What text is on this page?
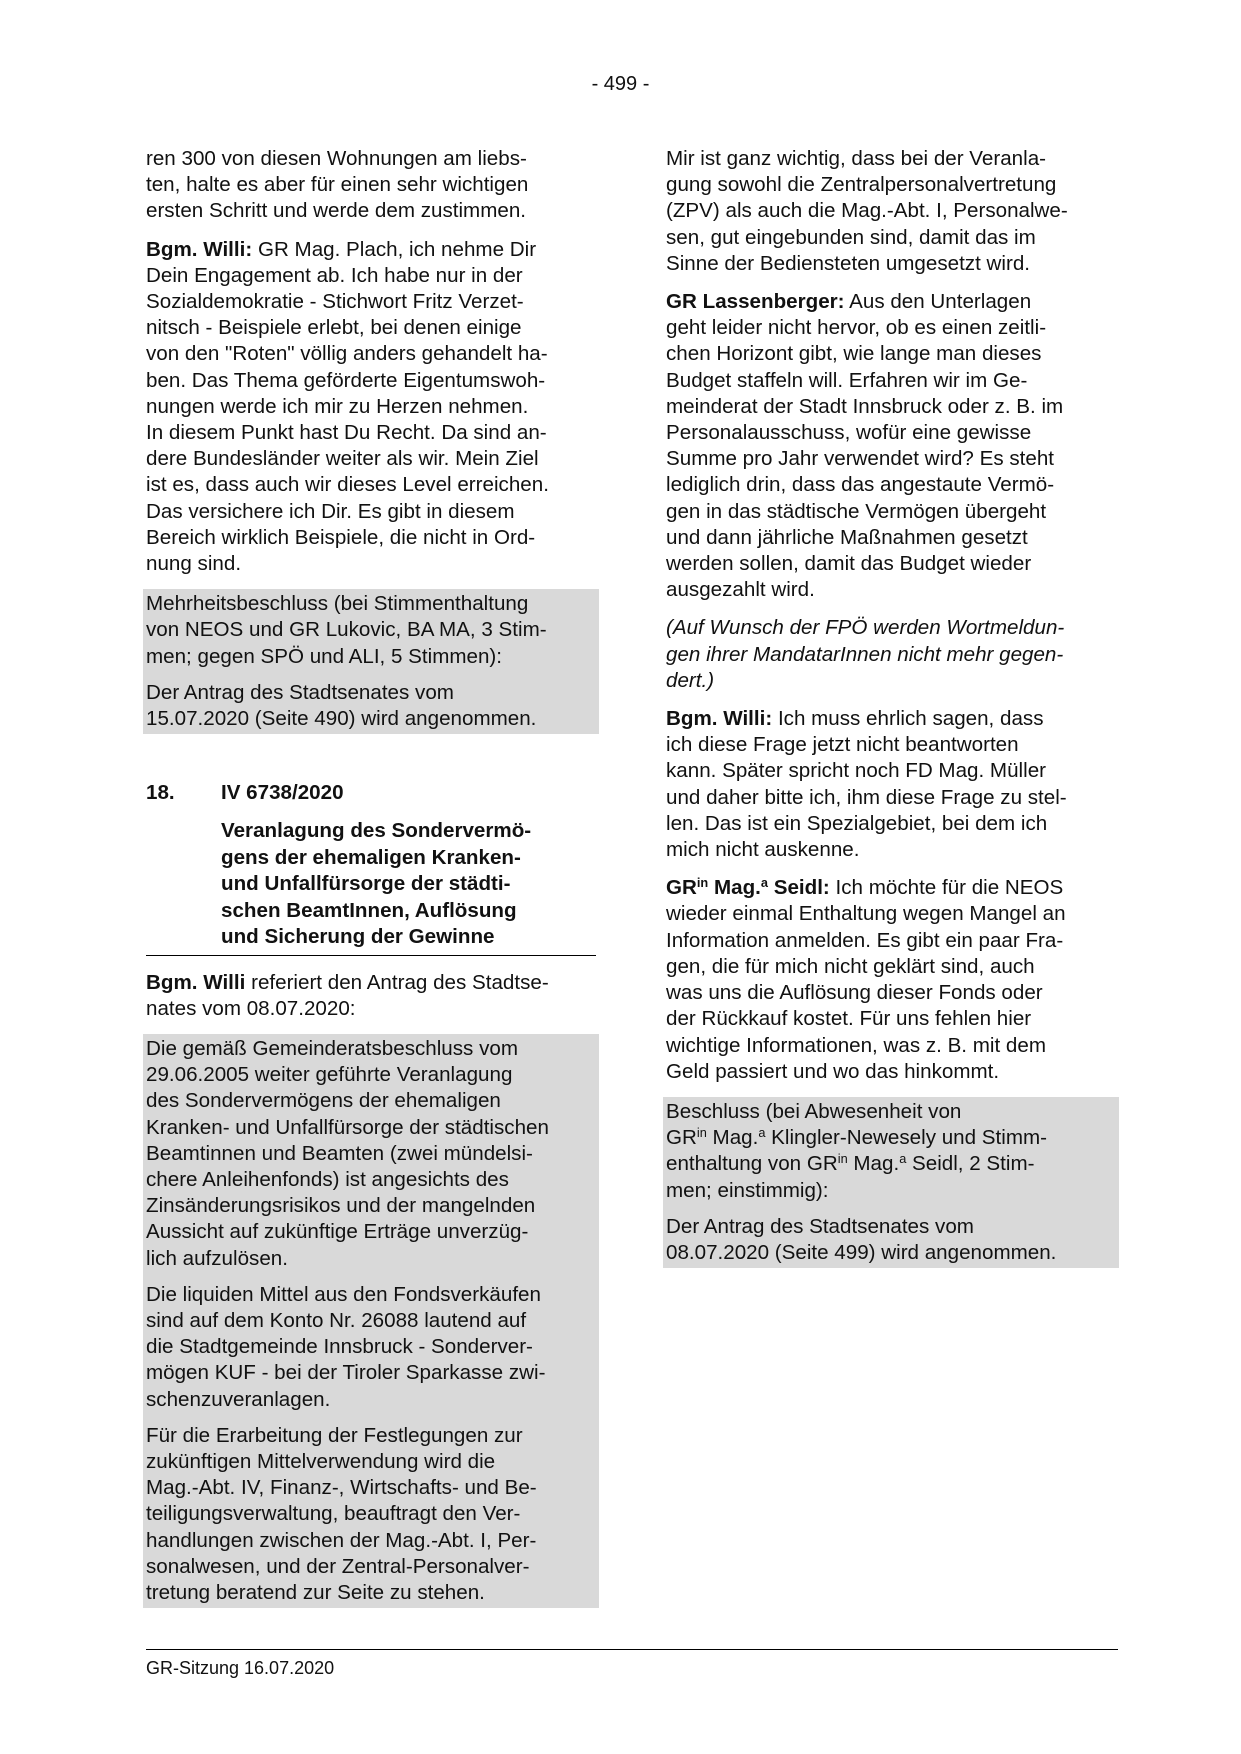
- 499 -

ren 300 von diesen Wohnungen am liebs-
ten, halte es aber für einen sehr wichtigen
ersten Schritt und werde dem zustimmen.

Bgm. Willi: GR Mag. Plach, ich nehme Dir
Dein Engagement ab. Ich habe nur in der
Sozialdemokratie - Stichwort Fritz Verzet-
nitsch - Beispiele erlebt, bei denen einige
von den "Roten" völlig anders gehandelt ha-
ben. Das Thema geförderte Eigentumswoh-
nungen werde ich mir zu Herzen nehmen.
In diesem Punkt hast Du Recht. Da sind an-
dere Bundesländer weiter als wir. Mein Ziel
ist es, dass auch wir dieses Level erreichen.
Das versichere ich Dir. Es gibt in diesem
Bereich wirklich Beispiele, die nicht in Ord-
nung sind.

Mehrheitsbeschluss (bei Stimmenthaltung
von NEOS und GR Lukovic, BA MA, 3 Stim-
men; gegen SPÖ und ALI, 5 Stimmen):

Der Antrag des Stadtsenates vom
15.07.2020 (Seite 490) wird angenommen.

18.	IV 6738/2020
Veranlagung des Sondervermö-
gens der ehemaligen Kranken-
und Unfallfürsorge der städti-
schen BeamtInnen, Auflösung
und Sicherung der Gewinne

Bgm. Willi referiert den Antrag des Stadtse-
nates vom 08.07.2020:

Die gemäß Gemeinderatsbeschluss vom
29.06.2005 weiter geführte Veranlagung
des Sondervermögens der ehemaligen
Kranken- und Unfallfürsorge der städtischen
Beamtinnen und Beamten (zwei mündelsi-
chere Anleihenfonds) ist angesichts des
Zinsänderungsrisikos und der mangelnden
Aussicht auf zukünftige Erträge unverzüg-
lich aufzulösen.

Die liquiden Mittel aus den Fondsverkäufen
sind auf dem Konto Nr. 26088 lautend auf
die Stadtgemeinde Innsbruck - Sonderver-
mögen KUF - bei der Tiroler Sparkasse zwi-
schenzuveranlagen.

Für die Erarbeitung der Festlegungen zur
zukünftigen Mittelverwendung wird die
Mag.-Abt. IV, Finanz-, Wirtschafts- und Be-
teiligungsverwaltung, beauftragt den Ver-
handlungen zwischen der Mag.-Abt. I, Per-
sonalwesen, und der Zentral-Personalver-
tretung beratend zur Seite zu stehen.

Mir ist ganz wichtig, dass bei der Veranla-
gung sowohl die Zentralpersonalvertretung
(ZPV) als auch die Mag.-Abt. I, Personalwe-
sen, gut eingebunden sind, damit das im
Sinne der Bediensteten umgesetzt wird.

GR Lassenberger: Aus den Unterlagen
geht leider nicht hervor, ob es einen zeitli-
chen Horizont gibt, wie lange man dieses
Budget staffeln will. Erfahren wir im Ge-
meinderat der Stadt Innsbruck oder z. B. im
Personalausschuss, wofür eine gewisse
Summe pro Jahr verwendet wird? Es steht
lediglich drin, dass das angestaute Vermö-
gen in das städtische Vermögen übergeht
und dann jährliche Maßnahmen gesetzt
werden sollen, damit das Budget wieder
ausgezahlt wird.

(Auf Wunsch der FPÖ werden Wortmeldun-
gen ihrer MandatarInnen nicht mehr gegen-
dert.)

Bgm. Willi: Ich muss ehrlich sagen, dass
ich diese Frage jetzt nicht beantworten
kann. Später spricht noch FD Mag. Müller
und daher bitte ich, ihm diese Frage zu stel-
len. Das ist ein Spezialgebiet, bei dem ich
mich nicht auskenne.

$GR^{in}$ Mag.$^a$ Seidl: Ich möchte für die NEOS
wieder einmal Enthaltung wegen Mangel an
Information anmelden. Es gibt ein paar Fra-
gen, die für mich nicht geklärt sind, auch
was uns die Auflösung dieser Fonds oder
der Rückkauf kostet. Für uns fehlen hier
wichtige Informationen, was z. B. mit dem
Geld passiert und wo das hinkommt.

Beschluss (bei Abwesenheit von
$GR^{in}$ Mag.$^a$ Klingler-Newesely und Stimm-
enthaltung von $GR^{in}$ Mag.$^a$ Seidl, 2 Stim-
men; einstimmig):

Der Antrag des Stadtsenates vom
08.07.2020 (Seite 499) wird angenommen.

GR-Sitzung 16.07.2020
